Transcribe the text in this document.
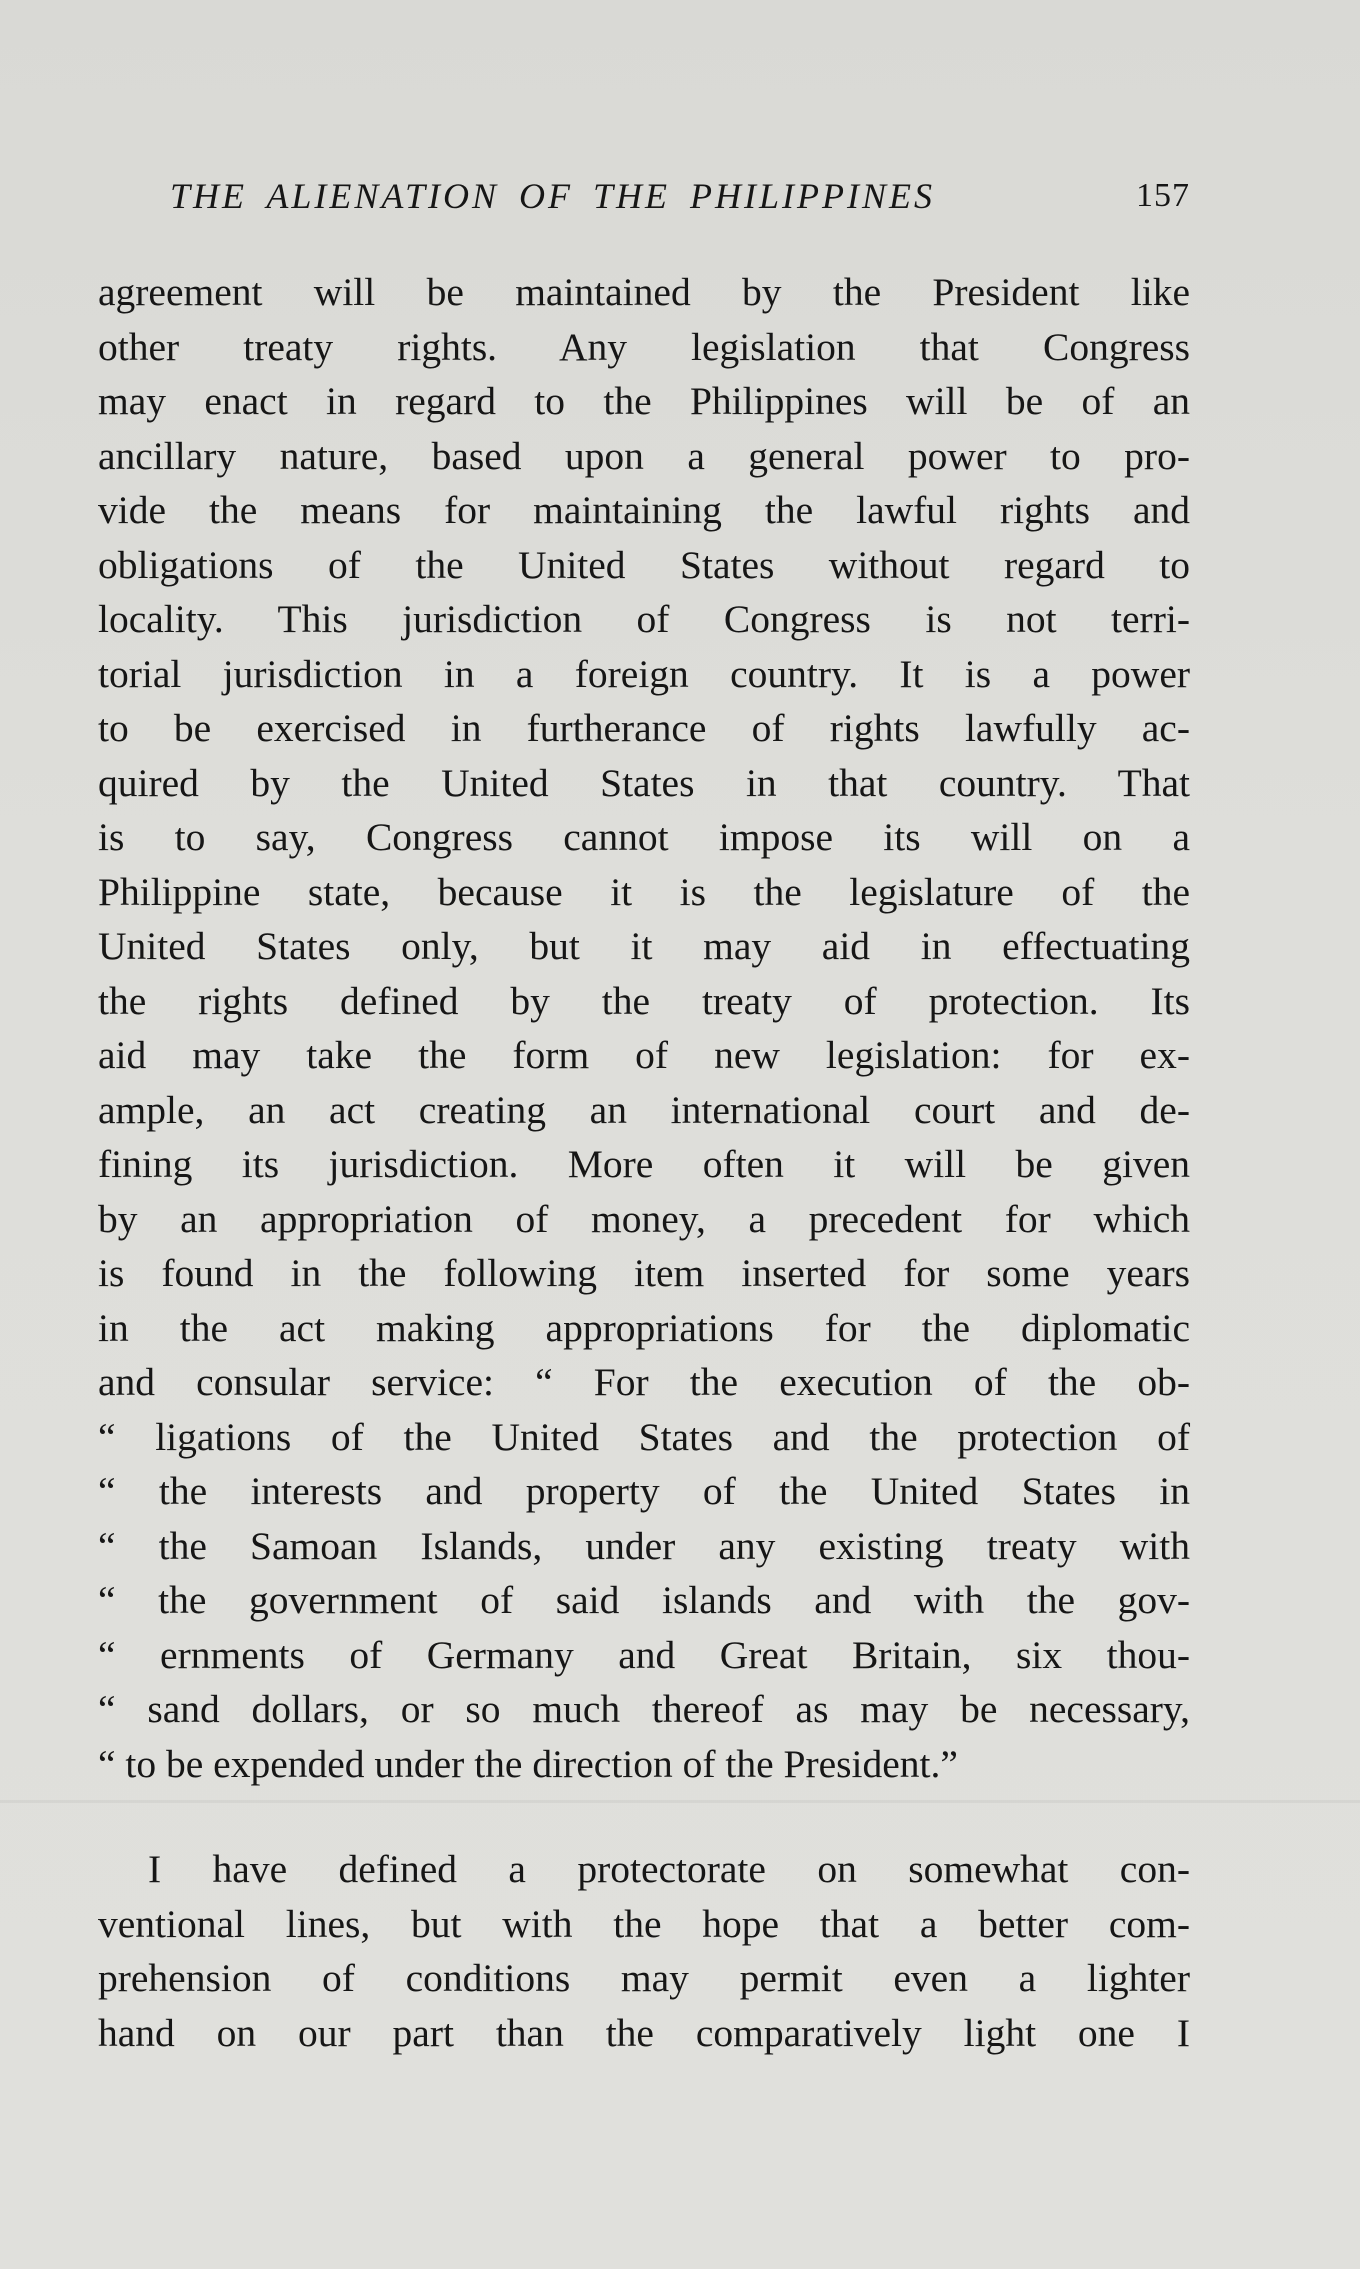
THE ALIENATION OF THE PHILIPPINES	157
agreement will be maintained by the President like
other treaty rights. Any legislation that Congress
may enact in regard to the Philippines will be of an
ancillary nature, based upon a general power to pro-
vide the means for maintaining the lawful rights and
obligations of the United States without regard to
locality. This jurisdiction of Congress is not terri-
torial jurisdiction in a foreign country. It is a power
to be exercised in furtherance of rights lawfully ac-
quired by the United States in that country. That
is to say, Congress cannot impose its will on a
Philippine state, because it is the legislature of the
United States only, but it may aid in effectuating
the rights defined by the treaty of protection. Its
aid may take the form of new legislation: for ex-
ample, an act creating an international court and de-
fining its jurisdiction. More often it will be given
by an appropriation of money, a precedent for which
is found in the following item inserted for some years
in the act making appropriations for the diplomatic
and consular service: “ For the execution of the ob-
“ ligations of the United States and the protection of
“ the interests and property of the United States in
“ the Samoan Islands, under any existing treaty with
“ the government of said islands and with the gov-
“ ernments of Germany and Great Britain, six thou-
“ sand dollars, or so much thereof as may be necessary,
“ to be expended under the direction of the President.”
I have defined a protectorate on somewhat con-
ventional lines, but with the hope that a better com-
prehension of conditions may permit even a lighter
hand on our part than the comparatively light one I
